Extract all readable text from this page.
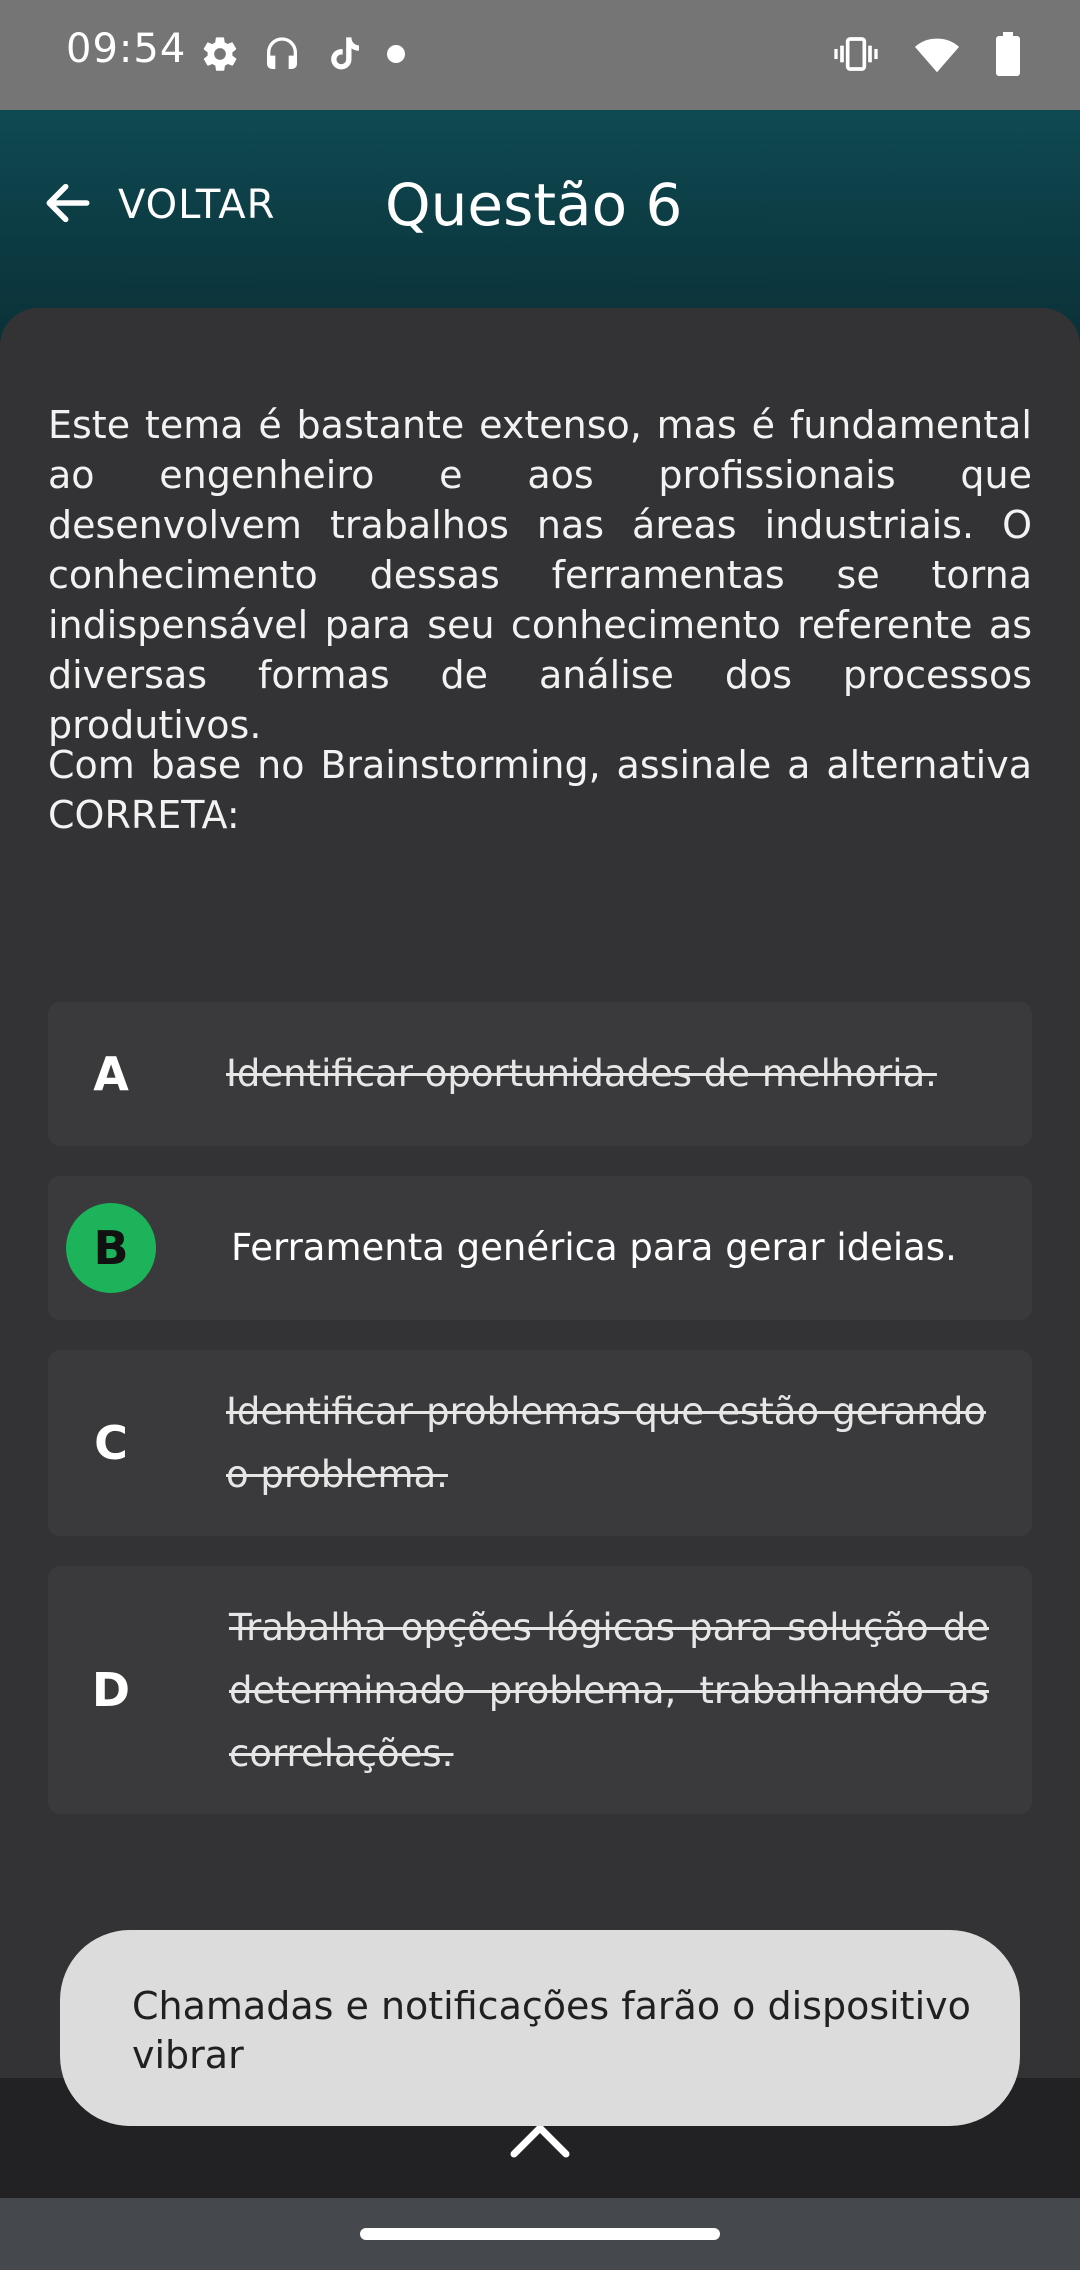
09:54
VOLTAR Questão 6

Este tema é bastante extenso, mas é fundamental ao engenheiro e aos profissionais que desenvolvem trabalhos nas áreas industriais. O conhecimento dessas ferramentas se torna indispensável para seu conhecimento referente as diversas formas de análise dos processos produtivos.

Com base no Brainstorming, assinale a alternativa CORRETA:

A	Identificar oportunidades de melhoria.
B	Ferramenta genérica para gerar ideias.
C
Identificar problemas que estão gerando o problema.
D
Trabalha opções lógicas para solução de determinado problema, trabalhando as correlações.
Chamadas e notificações farão o dispositivo vibrar
